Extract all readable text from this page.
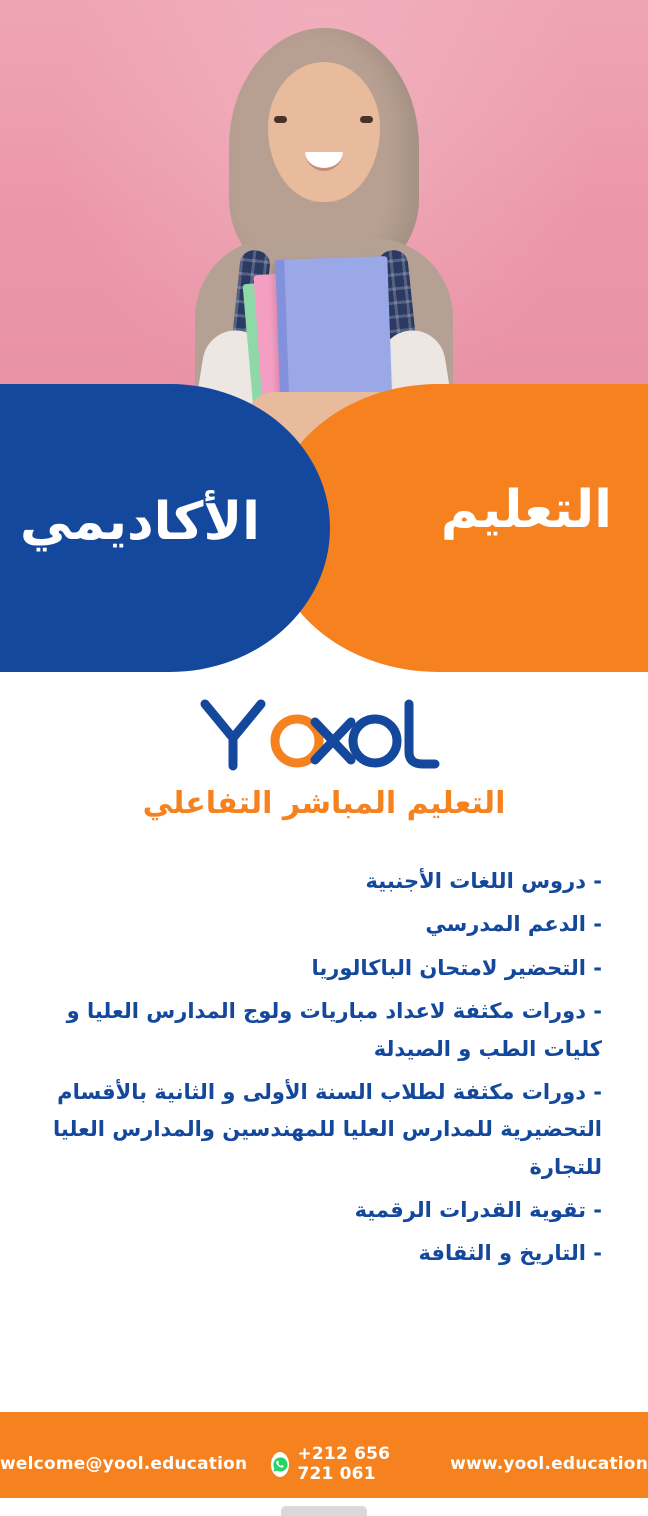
التعليم
الأكاديمي
التعليم المباشر التفاعلي
- دروس اللغات الأجنبية
- الدعم المدرسي
- التحضير لامتحان الباكالوريا
- دورات مكثفة لاعداد مباريات ولوج المدارس العليا و كليات الطب و الصيدلة
- دورات مكثفة لطلاب السنة الأولى و الثانية بالأقسام التحضيرية للمدارس العليا للمهندسين والمدارس العليا للتجارة
- تقوية القدرات الرقمية
- التاريخ و الثقافة
welcome@yool.education	+212 656 721 061	www.yool.education
